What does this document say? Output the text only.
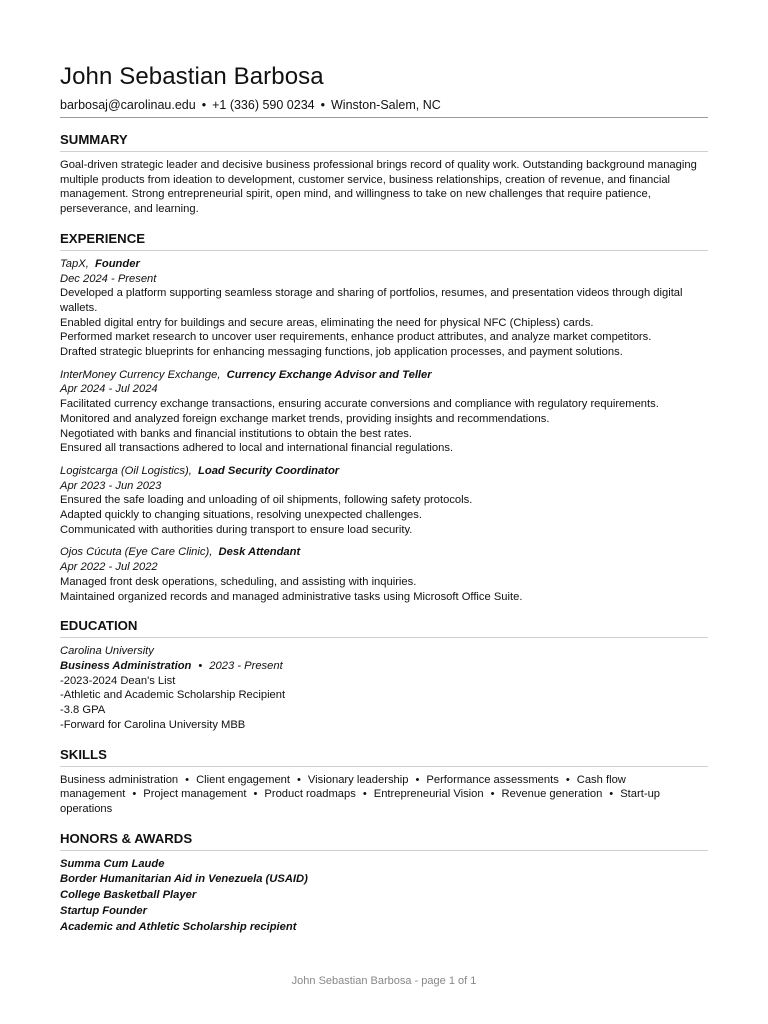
John Sebastian Barbosa
barbosaj@carolinau.edu • +1 (336) 590 0234 • Winston-Salem, NC
SUMMARY
Goal-driven strategic leader and decisive business professional brings record of quality work. Outstanding background managing multiple products from ideation to development, customer service, business relationships, creation of revenue, and financial management. Strong entrepreneurial spirit, open mind, and willingness to take on new challenges that require patience, perseverance, and learning.
EXPERIENCE
TapX, Founder
Dec 2024 - Present
Developed a platform supporting seamless storage and sharing of portfolios, resumes, and presentation videos through digital wallets.
Enabled digital entry for buildings and secure areas, eliminating the need for physical NFC (Chipless) cards.
Performed market research to uncover user requirements, enhance product attributes, and analyze market competitors.
Drafted strategic blueprints for enhancing messaging functions, job application processes, and payment solutions.
InterMoney Currency Exchange, Currency Exchange Advisor and Teller
Apr 2024 - Jul 2024
Facilitated currency exchange transactions, ensuring accurate conversions and compliance with regulatory requirements.
Monitored and analyzed foreign exchange market trends, providing insights and recommendations.
Negotiated with banks and financial institutions to obtain the best rates.
Ensured all transactions adhered to local and international financial regulations.
Logistcarga (Oil Logistics), Load Security Coordinator
Apr 2023 - Jun 2023
Ensured the safe loading and unloading of oil shipments, following safety protocols.
Adapted quickly to changing situations, resolving unexpected challenges.
Communicated with authorities during transport to ensure load security.
Ojos Cúcuta (Eye Care Clinic), Desk Attendant
Apr 2022 - Jul 2022
Managed front desk operations, scheduling, and assisting with inquiries.
Maintained organized records and managed administrative tasks using Microsoft Office Suite.
EDUCATION
Carolina University
Business Administration • 2023 - Present
-2023-2024 Dean's List
-Athletic and Academic Scholarship Recipient
-3.8 GPA
-Forward for Carolina University MBB
SKILLS
Business administration • Client engagement • Visionary leadership • Performance assessments • Cash flow management • Project management • Product roadmaps • Entrepreneurial Vision • Revenue generation • Start-up operations
HONORS & AWARDS
Summa Cum Laude
Border Humanitarian Aid in Venezuela (USAID)
College Basketball Player
Startup Founder
Academic and Athletic Scholarship recipient
John Sebastian Barbosa - page 1 of 1
